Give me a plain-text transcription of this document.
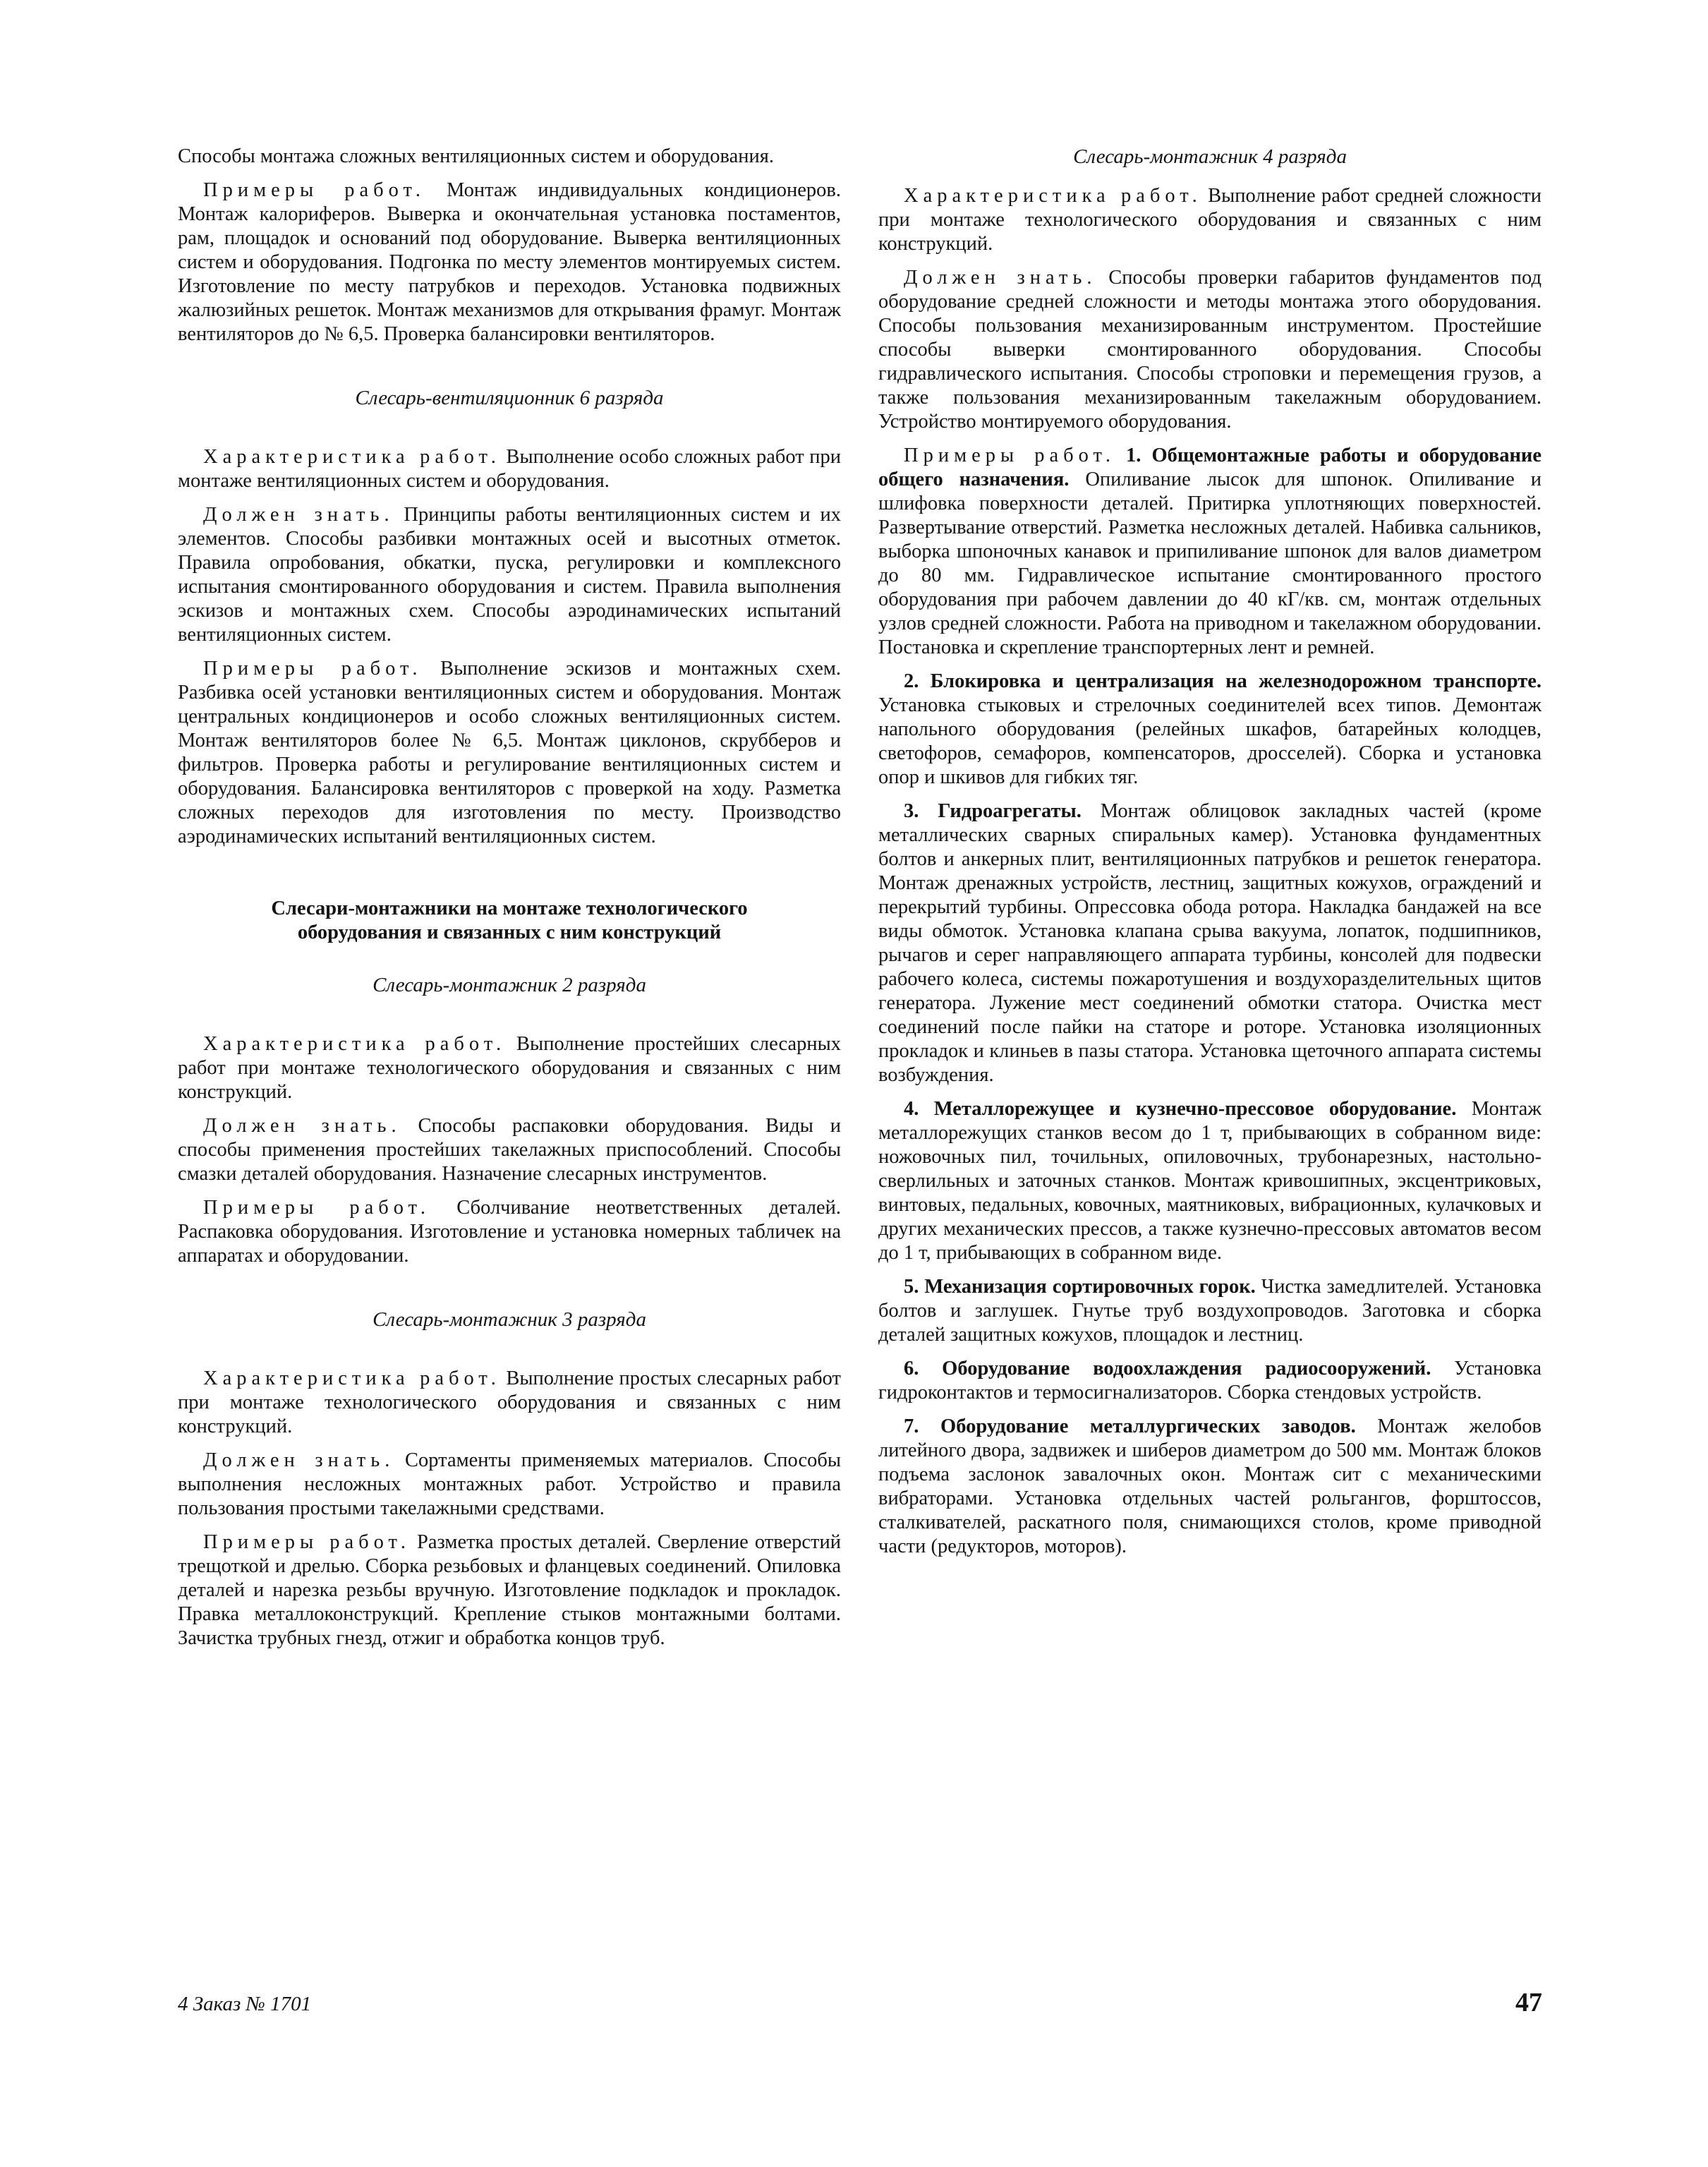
Способы монтажа сложных вентиляционных систем и оборудования.

Примеры работ. Монтаж индивидуальных кондиционеров. Монтаж калориферов. Выверка и окончательная установка постаментов, рам, площадок и оснований под оборудование. Выверка вентиляционных систем и оборудования. Подгонка по месту элементов монтируемых систем. Изготовление по месту патрубков и переходов. Установка подвижных жалюзийных решеток. Монтаж механизмов для открывания фрамуг. Монтаж вентиляторов до № 6,5. Проверка балансировки вентиляторов.

Слесарь-вентиляционник 6 разряда

Характеристика работ. Выполнение особо сложных работ при монтаже вентиляционных систем и оборудования.

Должен знать. Принципы работы вентиляционных систем и их элементов. Способы разбивки монтажных осей и высотных отметок. Правила опробования, обкатки, пуска, регулировки и комплексного испытания смонтированного оборудования и систем. Правила выполнения эскизов и монтажных схем. Способы аэродинамических испытаний вентиляционных систем.

Примеры работ. Выполнение эскизов и монтажных схем. Разбивка осей установки вентиляционных систем и оборудования. Монтаж центральных кондиционеров и особо сложных вентиляционных систем. Монтаж вентиляторов более № 6,5. Монтаж циклонов, скрубберов и фильтров. Проверка работы и регулирование вентиляционных систем и оборудования. Балансировка вентиляторов с проверкой на ходу. Разметка сложных переходов для изготовления по месту. Производство аэродинамических испытаний вентиляционных систем.

Слесари-монтажники на монтаже технологического
оборудования и связанных с ним конструкций
Слесарь-монтажник 2 разряда

Характеристика работ. Выполнение простейших слесарных работ при монтаже технологического оборудования и связанных с ним конструкций.

Должен знать. Способы распаковки оборудования. Виды и способы применения простейших такелажных приспособлений. Способы смазки деталей оборудования. Назначение слесарных инструментов.

Примеры работ. Сболчивание неответственных деталей. Распаковка оборудования. Изготовление и установка номерных табличек на аппаратах и оборудовании.

Слесарь-монтажник 3 разряда

Характеристика работ. Выполнение простых слесарных работ при монтаже технологического оборудования и связанных с ним конструкций.

Должен знать. Сортаменты применяемых материалов. Способы выполнения несложных монтажных работ. Устройство и правила пользования простыми такелажными средствами.

Примеры работ. Разметка простых деталей. Сверление отверстий трещоткой и дрелью. Сборка резьбовых и фланцевых соединений. Опиловка деталей и нарезка резьбы вручную. Изготовление подкладок и прокладок. Правка металлоконструкций. Крепление стыков монтажными болтами. Зачистка трубных гнезд, отжиг и обработка концов труб.

Слесарь-монтажник 4 разряда

Характеристика работ. Выполнение работ средней сложности при монтаже технологического оборудования и связанных с ним конструкций.

Должен знать. Способы проверки габаритов фундаментов под оборудование средней сложности и методы монтажа этого оборудования. Способы пользования механизированным инструментом. Простейшие способы выверки смонтированного оборудования. Способы гидравлического испытания. Способы строповки и перемещения грузов, а также пользования механизированным такелажным оборудованием. Устройство монтируемого оборудования.

Примеры работ. 1. Общемонтажные работы и оборудование общего назначения. Опиливание лысок для шпонок. Опиливание и шлифовка поверхности деталей. Притирка уплотняющих поверхностей. Развертывание отверстий. Разметка несложных деталей. Набивка сальников, выборка шпоночных канавок и припиливание шпонок для валов диаметром до 80 мм. Гидравлическое испытание смонтированного простого оборудования при рабочем давлении до 40 кГ/кв. см, монтаж отдельных узлов средней сложности. Работа на приводном и такелажном оборудовании. Постановка и скрепление транспортерных лент и ремней.

2. Блокировка и централизация на железнодорожном транспорте. Установка стыковых и стрелочных соединителей всех типов. Демонтаж напольного оборудования (релейных шкафов, батарейных колодцев, светофоров, семафоров, компенсаторов, дросселей). Сборка и установка опор и шкивов для гибких тяг.

3. Гидроагрегаты. Монтаж облицовок закладных частей (кроме металлических сварных спиральных камер). Установка фундаментных болтов и анкерных плит, вентиляционных патрубков и решеток генератора. Монтаж дренажных устройств, лестниц, защитных кожухов, ограждений и перекрытий турбины. Опрессовка обода ротора. Накладка бандажей на все виды обмоток. Установка клапана срыва вакуума, лопаток, подшипников, рычагов и серег направляющего аппарата турбины, консолей для подвески рабочего колеса, системы пожаротушения и воздухоразделительных щитов генератора. Лужение мест соединений обмотки статора. Очистка мест соединений после пайки на статоре и роторе. Установка изоляционных прокладок и клиньев в пазы статора. Установка щеточного аппарата системы возбуждения.

4. Металлорежущее и кузнечно-прессовое оборудование. Монтаж металлорежущих станков весом до 1 т, прибывающих в собранном виде: ножовочных пил, точильных, опиловочных, трубонарезных, настольно-сверлильных и заточных станков. Монтаж кривошипных, эксцентриковых, винтовых, педальных, ковочных, маятниковых, вибрационных, кулачковых и других механических прессов, а также кузнечно-прессовых автоматов весом до 1 т, прибывающих в собранном виде.

5. Механизация сортировочных горок. Чистка замедлителей. Установка болтов и заглушек. Гнутье труб воздухопроводов. Заготовка и сборка деталей защитных кожухов, площадок и лестниц.

6. Оборудование водоохлаждения радиосооружений. Установка гидроконтактов и термосигнализаторов. Сборка стендовых устройств.

7. Оборудование металлургических заводов. Монтаж желобов литейного двора, задвижек и шиберов диаметром до 500 мм. Монтаж блоков подъема заслонок завалочных окон. Монтаж сит с механическими вибраторами. Установка отдельных частей рольгангов, форштоссов, сталкивателей, раскатного поля, снимающихся столов, кроме приводной части (редукторов, моторов).

4 Заказ № 1701	47
